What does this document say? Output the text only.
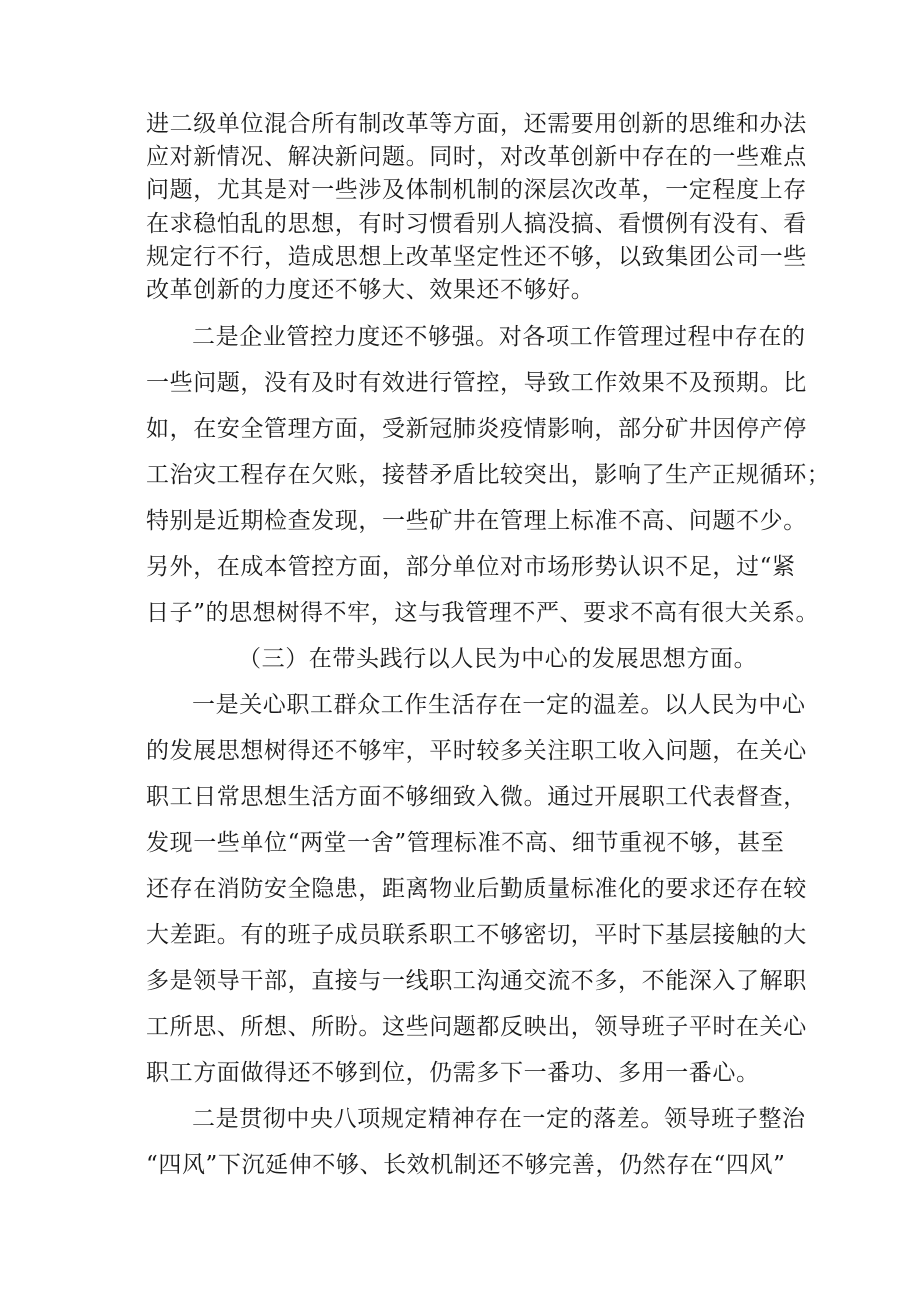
进二级单位混合所有制改革等方面，还需要用创新的思维和办法
应对新情况、解决新问题。同时，对改革创新中存在的一些难点
问题，尤其是对一些涉及体制机制的深层次改革，一定程度上存
在求稳怕乱的思想，有时习惯看别人搞没搞、看惯例有没有、看
规定行不行，造成思想上改革坚定性还不够，以致集团公司一些
改革创新的力度还不够大、效果还不够好。
二是企业管控力度还不够强。对各项工作管理过程中存在的
一些问题，没有及时有效进行管控，导致工作效果不及预期。比
如，在安全管理方面，受新冠肺炎疫情影响，部分矿井因停产停
工治灾工程存在欠账，接替矛盾比较突出，影响了生产正规循环；
特别是近期检查发现，一些矿井在管理上标准不高、问题不少。
另外，在成本管控方面，部分单位对市场形势认识不足，过“紧
日子”的思想树得不牢，这与我管理不严、要求不高有很大关系。
（三）在带头践行以人民为中心的发展思想方面。
一是关心职工群众工作生活存在一定的温差。以人民为中心
的发展思想树得还不够牢，平时较多关注职工收入问题，在关心
职工日常思想生活方面不够细致入微。通过开展职工代表督查，
发现一些单位“两堂一舍”管理标准不高、细节重视不够，甚至
还存在消防安全隐患，距离物业后勤质量标准化的要求还存在较
大差距。有的班子成员联系职工不够密切，平时下基层接触的大
多是领导干部，直接与一线职工沟通交流不多，不能深入了解职
工所思、所想、所盼。这些问题都反映出，领导班子平时在关心
职工方面做得还不够到位，仍需多下一番功、多用一番心。
二是贯彻中央八项规定精神存在一定的落差。领导班子整治
“四风”下沉延伸不够、长效机制还不够完善，仍然存在“四风”
